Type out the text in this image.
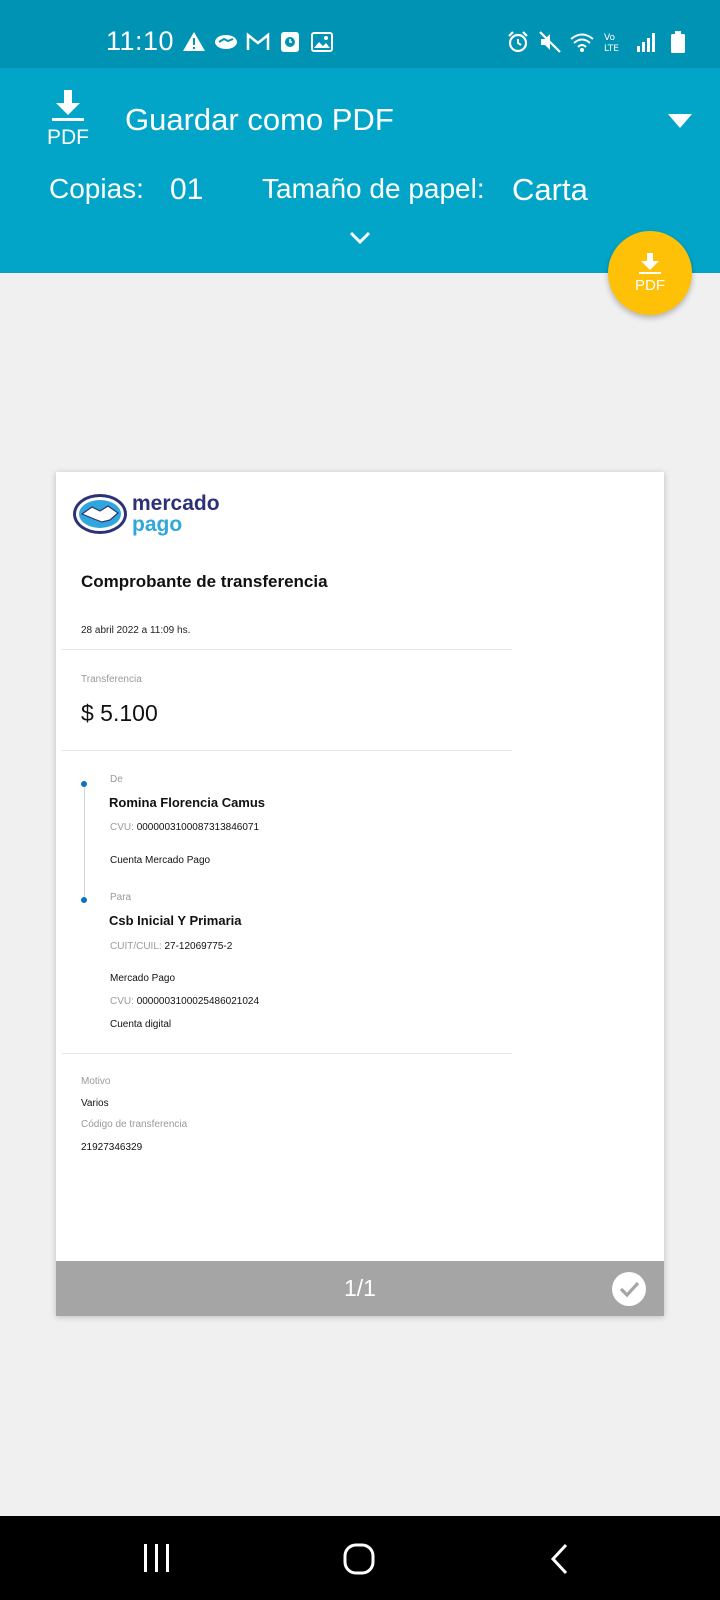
11:10	Vo
LTE
PDF
Guardar como PDF
Copias: 01 Tamaño de papel: Carta
PDF
mercado
pago
Comprobante de transferencia
28 abril 2022 a 11:09 hs.
Transferencia
$ 5.100
De
Romina Florencia Camus
CVU: 0000003100087313846071
Cuenta Mercado Pago
Para
Csb Inicial Y Primaria
CUIT/CUIL: 27-12069775-2
Mercado Pago
CVU: 0000003100025486021024
Cuenta digital
Motivo
Varios
Código de transferencia
21927346329
1/1
